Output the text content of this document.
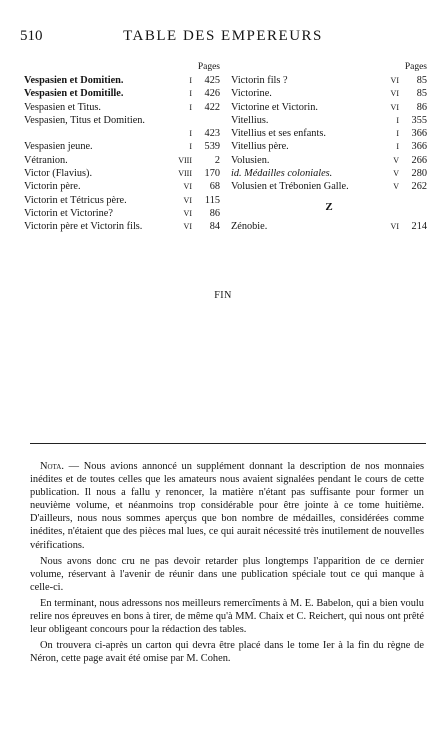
510	TABLE DES EMPEREURS
Pages
Vespasien et Domitien.	I	425
Vespasien et Domitille.	I	426
Vespasien et Titus.	I	422
Vespasien, Titus et Domitien.
I	423
Vespasien jeune.	I	539
Vétranion.	VIII	2
Victor (Flavius).	VIII	170
Victorin père.	VI	68
Victorin et Tétricus père.	VI	115
Victorin et Victorine?	VI	86
Victorin père et Victorin fils.	VI	84
Pages
Victorin fils ?	VI	85
Victorine.	VI	85
Victorine et Victorin.	VI	86
Vitellius.	I	355
Vitellius et ses enfants.	I	366
Vitellius père.	I	366
Volusien.	V	266
id. Médailles coloniales.	V	280
Volusien et Trébonien Galle.	V	262
Z
Zénobie.	VI	214
FIN

Nota. — Nous avions annoncé un supplément donnant la description de nos monnaies inédites et de toutes celles que les amateurs nous avaient signalées pendant le cours de cette publication. Il nous a fallu y renoncer, la matière n'étant pas suffisante pour former un neuvième volume, et néanmoins trop considérable pour être jointe à ce tome huitième. D'ailleurs, nous nous sommes aperçus que bon nombre de médailles, considérées comme inédites, n'étaient que des pièces mal lues, ce qui aurait nécessité très inutilement de nouvelles vérifications.

Nous avons donc cru ne pas devoir retarder plus longtemps l'apparition de ce dernier volume, réservant à l'avenir de réunir dans une publication spéciale tout ce qui manque à celle-ci.

En terminant, nous adressons nos meilleurs remercîments à M. E. Babelon, qui a bien voulu relire nos épreuves en bons à tirer, de même qu'à MM. Chaix et C. Reichert, qui nous ont prêté leur obligeant concours pour la rédaction des tables.

On trouvera ci-après un carton qui devra être placé dans le tome Ier à la fin du règne de Néron, cette page avait été omise par M. Cohen.
